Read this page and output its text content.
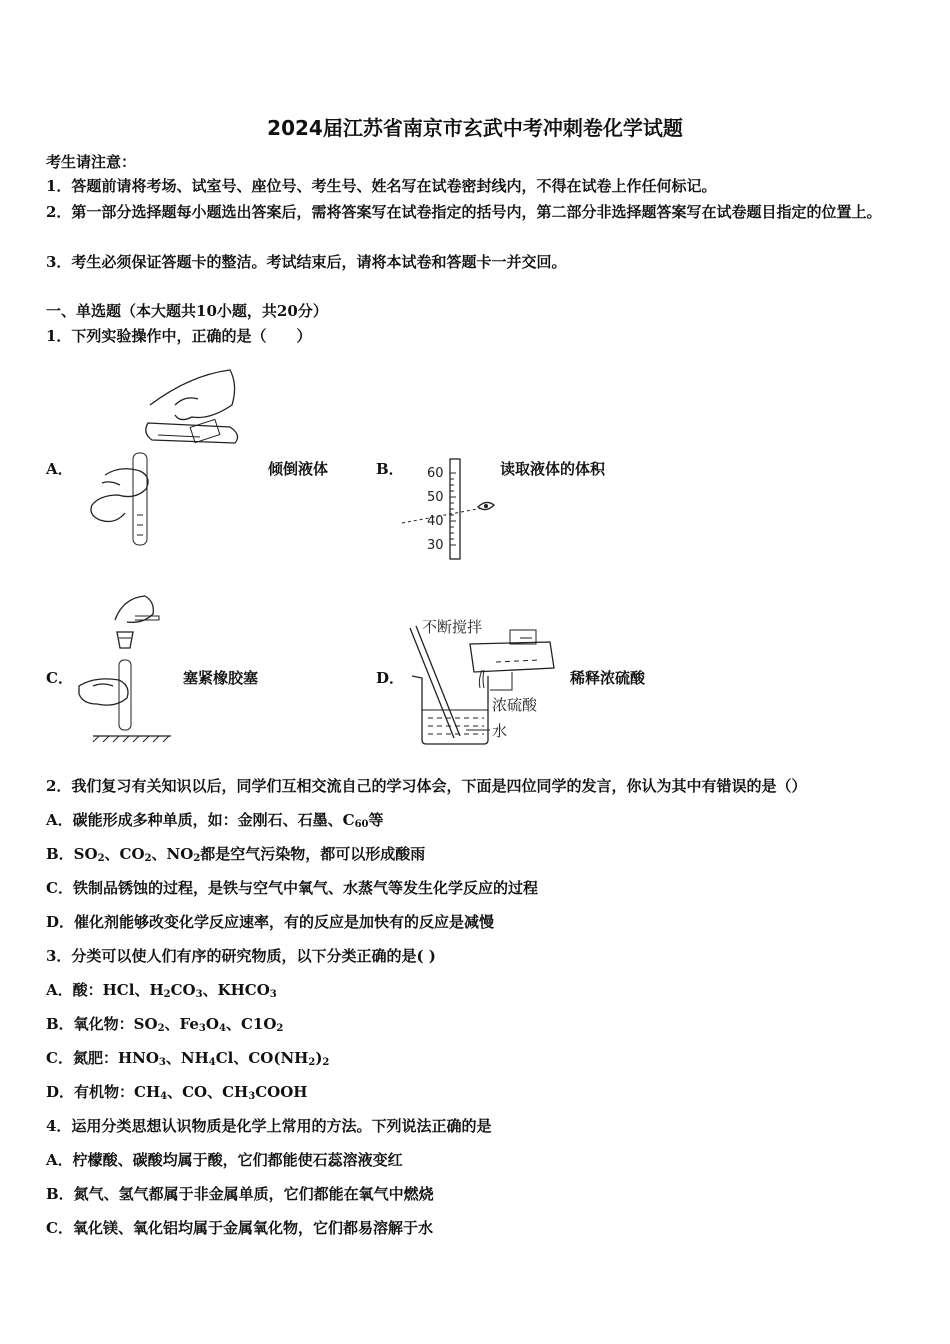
2024届江苏省南京市玄武中考冲刺卷化学试题
考生请注意：
1．答题前请将考场、试室号、座位号、考生号、姓名写在试卷密封线内，不得在试卷上作任何标记。
2．第一部分选择题每小题选出答案后，需将答案写在试卷指定的括号内，第二部分非选择题答案写在试卷题目指定的位置上。
3．考生必须保证答题卡的整洁。考试结束后，请将本试卷和答题卡一并交回。
一、单选题（本大题共10小题，共20分）
1．下列实验操作中，正确的是（　　）
A．	倾倒液体	B．	读取液体的体积
C．	塞紧橡胶塞	D．	稀释浓硫酸
60
50
40
30
不断搅拌
浓硫酸
水
2．我们复习有关知识以后，同学们互相交流自己的学习体会，下面是四位同学的发言，你认为其中有错误的是（）
A．碳能形成多种单质，如：金刚石、石墨、$C_{60}$等
B．$SO_2$、$CO_2$、$NO_2$都是空气污染物，都可以形成酸雨
C．铁制品锈蚀的过程，是铁与空气中氧气、水蒸气等发生化学反应的过程
D．催化剂能够改变化学反应速率，有的反应是加快有的反应是减慢
3．分类可以使人们有序的研究物质，以下分类正确的是( )
A．酸：HCl、$H_2CO_3$、$KHCO_3$
B．氧化物：$SO_2$、$Fe_3O_4$、$C1O_2$
C．氮肥：$HNO_3$、$NH_4Cl$、$CO(NH_2)_2$
D．有机物：$CH_4$、CO、$CH_3COOH$
4．运用分类思想认识物质是化学上常用的方法。下列说法正确的是
A．柠檬酸、碳酸均属于酸，它们都能使石蕊溶液变红
B．氮气、氢气都属于非金属单质，它们都能在氧气中燃烧
C．氧化镁、氧化铝均属于金属氧化物，它们都易溶解于水
